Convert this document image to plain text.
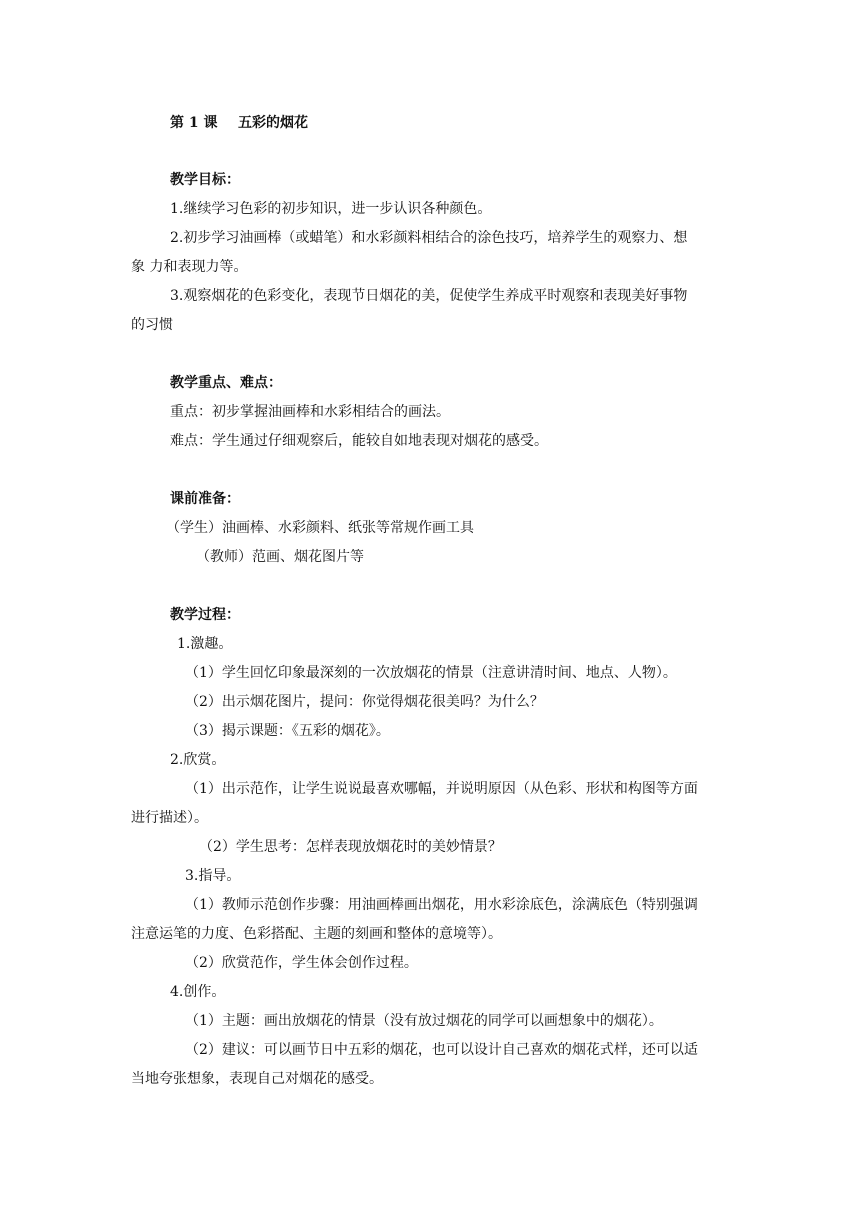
第 1 课 五彩的烟花
教学目标：
1.继续学习色彩的初步知识，进一步认识各种颜色。
2.初步学习油画棒（或蜡笔）和水彩颜料相结合的涂色技巧，培养学生的观察力、想
象 力和表现力等。
3.观察烟花的色彩变化，表现节日烟花的美，促使学生养成平时观察和表现美好事物
的习惯
教学重点、难点：
重点：初步掌握油画棒和水彩相结合的画法。
难点：学生通过仔细观察后，能较自如地表现对烟花的感受。
课前准备：
（学生）油画棒、水彩颜料、纸张等常规作画工具
（教师）范画、烟花图片等
教学过程：
1.激趣。
（1）学生回忆印象最深刻的一次放烟花的情景（注意讲清时间、地点、人物）。
（2）出示烟花图片，提问：你觉得烟花很美吗？为什么？
（3）揭示课题：《五彩的烟花》。
2.欣赏。
（1）出示范作，让学生说说最喜欢哪幅，并说明原因（从色彩、形状和构图等方面
进行描述）。
（2）学生思考：怎样表现放烟花时的美妙情景？
3.指导。
（1）教师示范创作步骤：用油画棒画出烟花，用水彩涂底色，涂满底色（特别强调
注意运笔的力度、色彩搭配、主题的刻画和整体的意境等）。
（2）欣赏范作，学生体会创作过程。
4.创作。
（1）主题：画出放烟花的情景（没有放过烟花的同学可以画想象中的烟花）。
（2）建议：可以画节日中五彩的烟花，也可以设计自己喜欢的烟花式样，还可以适
当地夸张想象，表现自己对烟花的感受。
